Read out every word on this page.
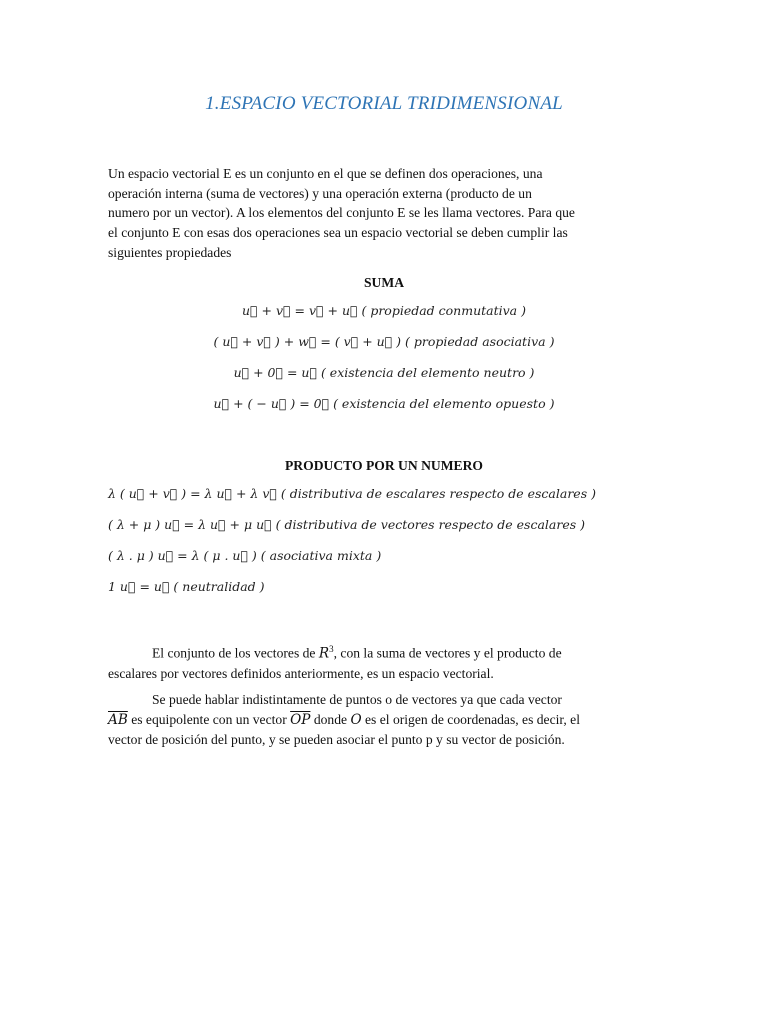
1.ESPACIO VECTORIAL TRIDIMENSIONAL
Un espacio vectorial E es un conjunto en el que se definen dos operaciones, una
operación interna (suma de vectores) y una operación externa (producto de un
numero por un vector). A los elementos del conjunto E se les llama vectores. Para que
el conjunto E con esas dos operaciones sea un espacio vectorial se deben cumplir las
siguientes propiedades
SUMA
u⃗ + v⃗ = v⃗ + u⃗ ( propiedad conmutativa )
( u⃗ + v⃗ ) + w⃗ = ( v⃗ + u⃗ ) ( propiedad asociativa )
u⃗ + 0⃗ = u⃗ ( existencia del elemento neutro )
u⃗ + ( − u⃗ ) = 0⃗ ( existencia del elemento opuesto )
PRODUCTO POR UN NUMERO
λ ( u⃗ + v⃗ ) = λ u⃗ + λ v⃗ ( distributiva de escalares respecto de escalares )
( λ + μ ) u⃗ = λ u⃗ + μ u⃗ ( distributiva de vectores respecto de escalares )
( λ . μ ) u⃗ = λ ( μ . u⃗ ) ( asociativa mixta )
1 u⃗ = u⃗ ( neutralidad )
El conjunto de los vectores de $R^3$, con la suma de vectores y el producto de
escalares por vectores definidos anteriormente, es un espacio vectorial.
Se puede hablar indistintamente de puntos o de vectores ya que cada vector
$\overline{AB}$ es equipolente con un vector $\overline{OP}$ donde O es el origen de coordenadas, es decir, el
vector de posición del punto, y se pueden asociar el punto p y su vector de posición.
